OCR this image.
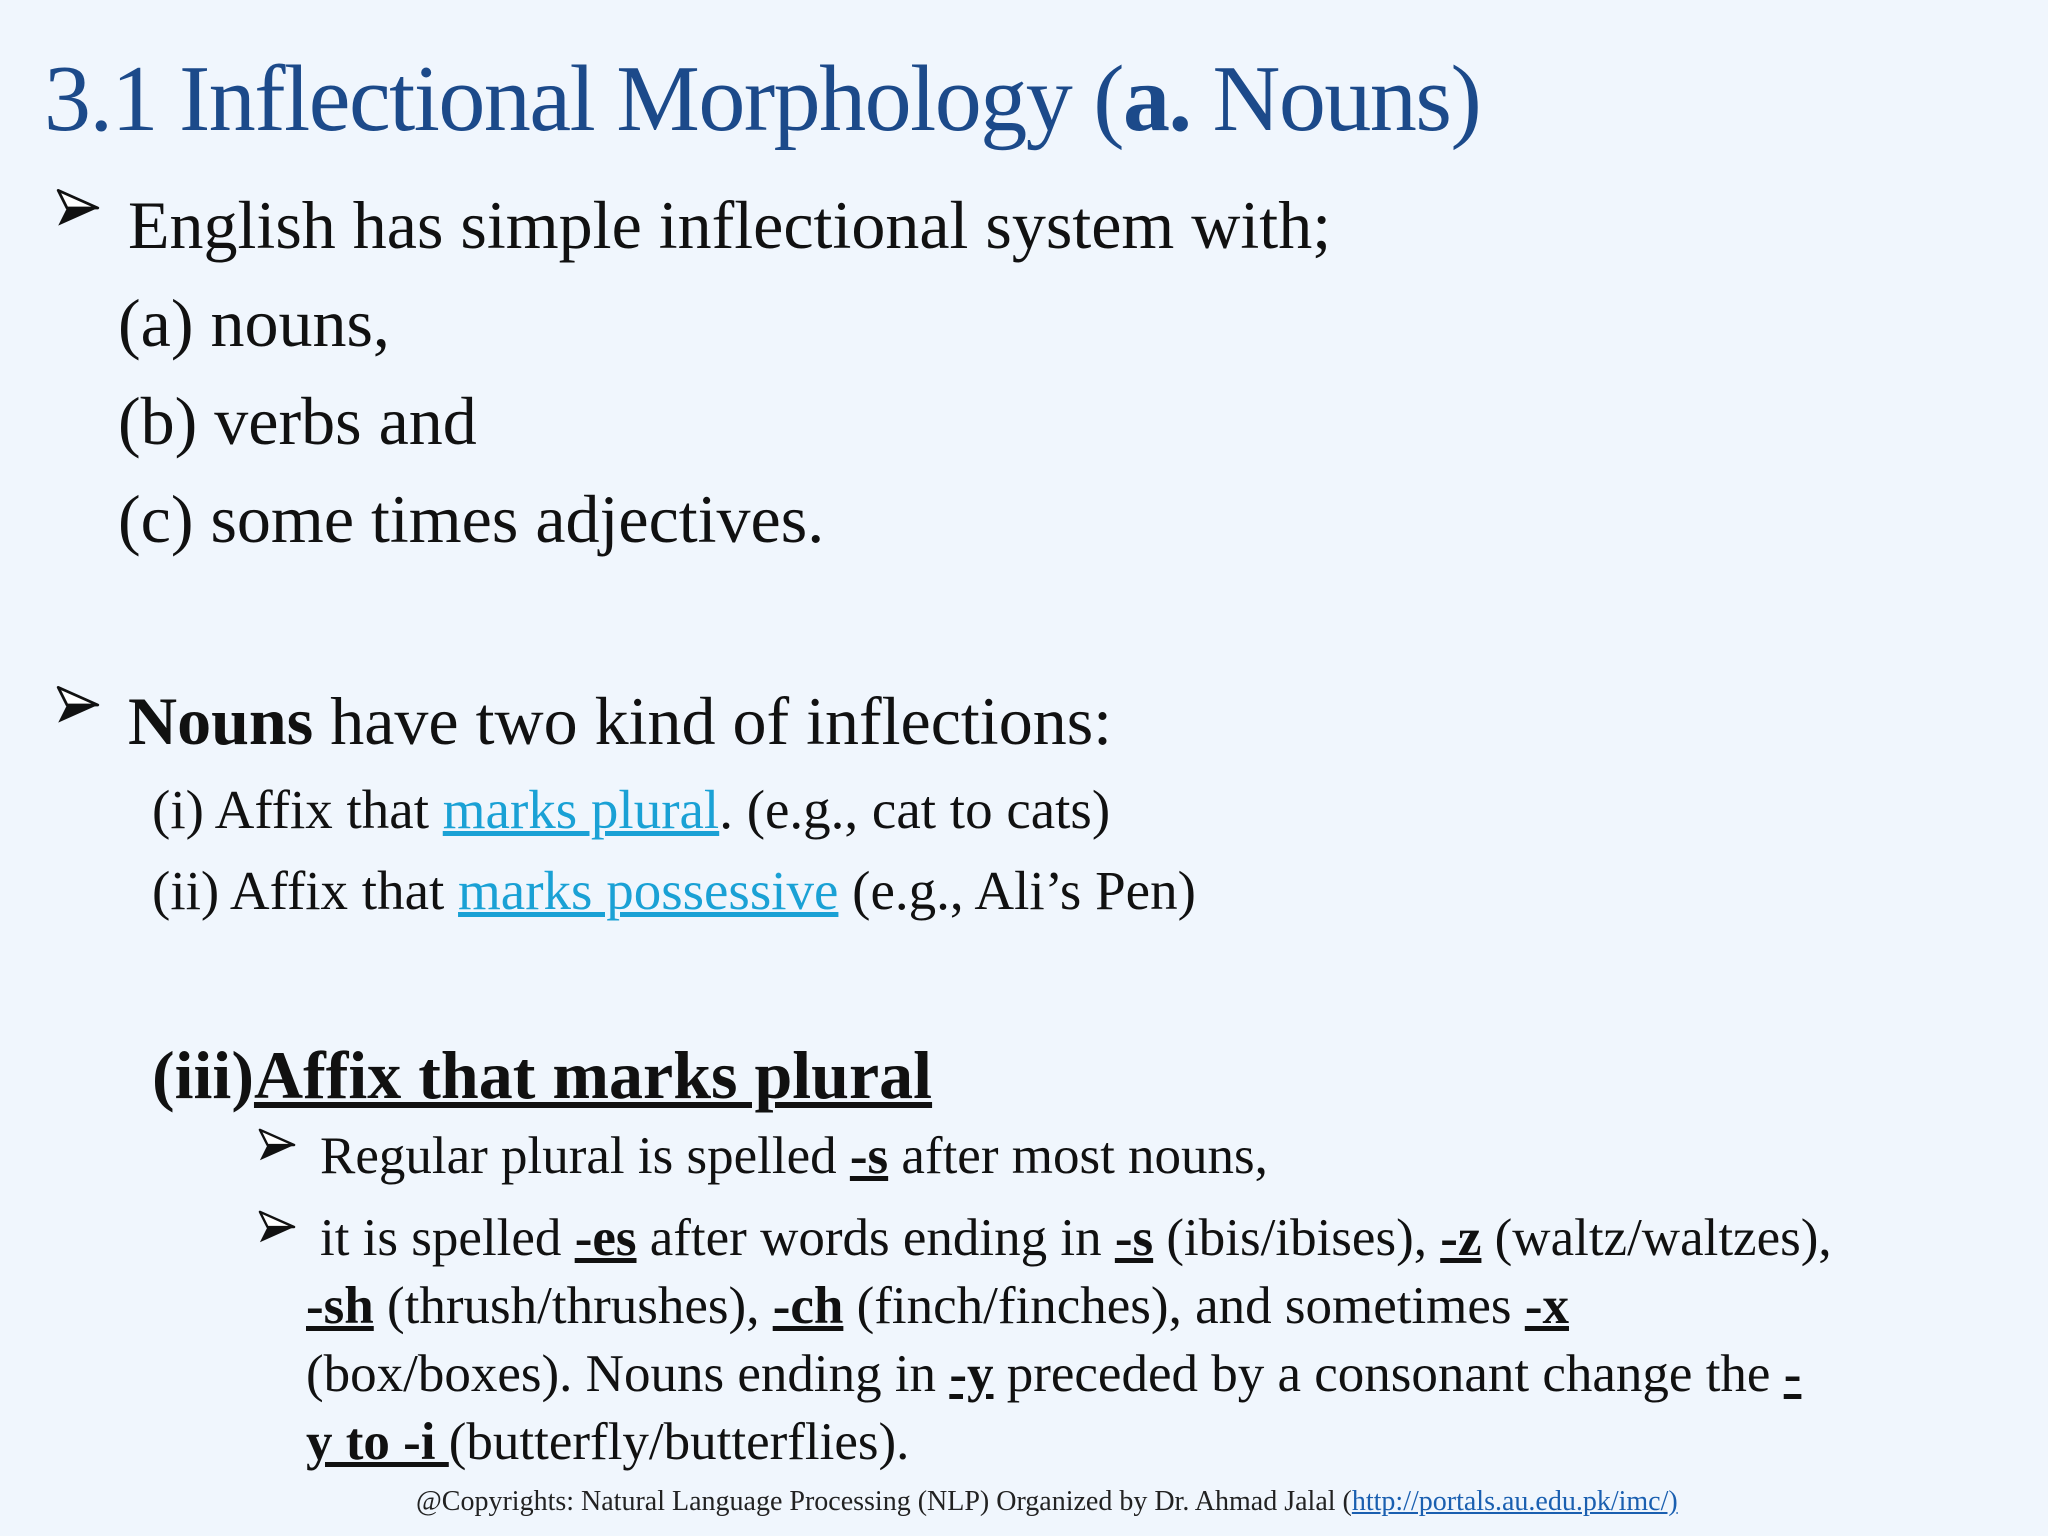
3.1 Inflectional Morphology (a. Nouns)
English has simple inflectional system with;
(a) nouns,
(b) verbs and
(c) some times adjectives.
Nouns have two kind of inflections:
(i) Affix that marks plural. (e.g., cat to cats)
(ii) Affix that marks possessive (e.g., Ali’s Pen)
(iii)Affix that marks plural
Regular plural is spelled -s after most nouns,
it is spelled -es after words ending in -s (ibis/ibises), -z (waltz/waltzes),
-sh (thrush/thrushes), -ch (finch/finches), and sometimes -x
(box/boxes). Nouns ending in -y preceded by a consonant change the -
y to -i (butterfly/butterflies).
@Copyrights: Natural Language Processing (NLP) Organized by Dr. Ahmad Jalal (http://portals.au.edu.pk/imc/)
